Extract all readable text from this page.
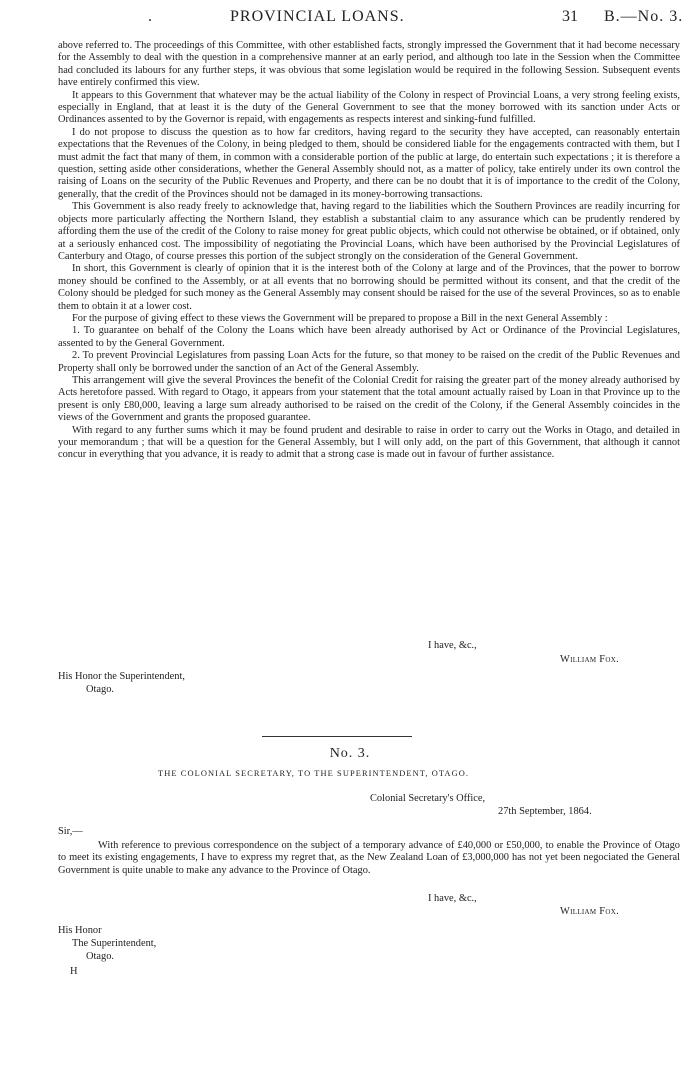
.	PROVINCIAL LOANS.	31 B.—No. 3.

above referred to. The proceedings of this Committee, with other established facts, strongly impressed the Government that it had become necessary for the Assembly to deal with the question in a comprehensive manner at an early period, and although too late in the Session when the Committee had concluded its labours for any further steps, it was obvious that some legislation would be required in the following Session. Subsequent events have entirely confirmed this view.

It appears to this Government that whatever may be the actual liability of the Colony in respect of Provincial Loans, a very strong feeling exists, especially in England, that at least it is the duty of the General Government to see that the money borrowed with its sanction under Acts or Ordinances assented to by the Governor is repaid, with engagements as respects interest and sinking-fund fulfilled.

I do not propose to discuss the question as to how far creditors, having regard to the security they have accepted, can reasonably entertain expectations that the Revenues of the Colony, in being pledged to them, should be considered liable for the engagements contracted with them, but I must admit the fact that many of them, in common with a considerable portion of the public at large, do entertain such expectations ; it is therefore a question, setting aside other considerations, whether the General Assembly should not, as a matter of policy, take entirely under its own control the raising of Loans on the security of the Public Revenues and Property, and there can be no doubt that it is of importance to the credit of the Colony, generally, that the credit of the Provinces should not be damaged in its money-borrowing transactions.

This Government is also ready freely to acknowledge that, having regard to the liabilities which the Southern Provinces are readily incurring for objects more particularly affecting the Northern Island, they establish a substantial claim to any assurance which can be prudently rendered by affording them the use of the credit of the Colony to raise money for great public objects, which could not otherwise be obtained, or if obtained, only at a seriously enhanced cost. The impossibility of negotiating the Provincial Loans, which have been authorised by the Provincial Legislatures of Canterbury and Otago, of course presses this portion of the subject strongly on the consideration of the General Government.

In short, this Government is clearly of opinion that it is the interest both of the Colony at large and of the Provinces, that the power to borrow money should be confined to the Assembly, or at all events that no borrowing should be permitted without its consent, and that the credit of the Colony should be pledged for such money as the General Assembly may consent should be raised for the use of the several Provinces, so as to enable them to obtain it at a lower cost.

For the purpose of giving effect to these views the Government will be prepared to propose a Bill in the next General Assembly :

1. To guarantee on behalf of the Colony the Loans which have been already authorised by Act or Ordinance of the Provincial Legislatures, assented to by the General Government.

2. To prevent Provincial Legislatures from passing Loan Acts for the future, so that money to be raised on the credit of the Public Revenues and Property shall only be borrowed under the sanction of an Act of the General Assembly.

This arrangement will give the several Provinces the benefit of the Colonial Credit for raising the greater part of the money already authorised by Acts heretofore passed. With regard to Otago, it appears from your statement that the total amount actually raised by Loan in that Province up to the present is only £80,000, leaving a large sum already authorised to be raised on the credit of the Colony, if the General Assembly coincides in the views of the Government and grants the proposed guarantee.

With regard to any further sums which it may be found prudent and desirable to raise in order to carry out the Works in Otago, and detailed in your memorandum ; that will be a question for the General Assembly, but I will only add, on the part of this Government, that although it cannot concur in everything that you advance, it is ready to admit that a strong case is made out in favour of further assistance.

I have, &c.,
William Fox.
His Honor the Superintendent,
Otago.
No. 3.
THE COLONIAL SECRETARY, TO THE SUPERINTENDENT, OTAGO.
Colonial Secretary's Office,
27th September, 1864.
Sir,—

With reference to previous correspondence on the subject of a temporary advance of £40,000 or £50,000, to enable the Province of Otago to meet its existing engagements, I have to express my regret that, as the New Zealand Loan of £3,000,000 has not yet been negociated the General Government is quite unable to make any advance to the Province of Otago.

I have, &c.,
William Fox.
His Honor
The Superintendent,
Otago.
H
